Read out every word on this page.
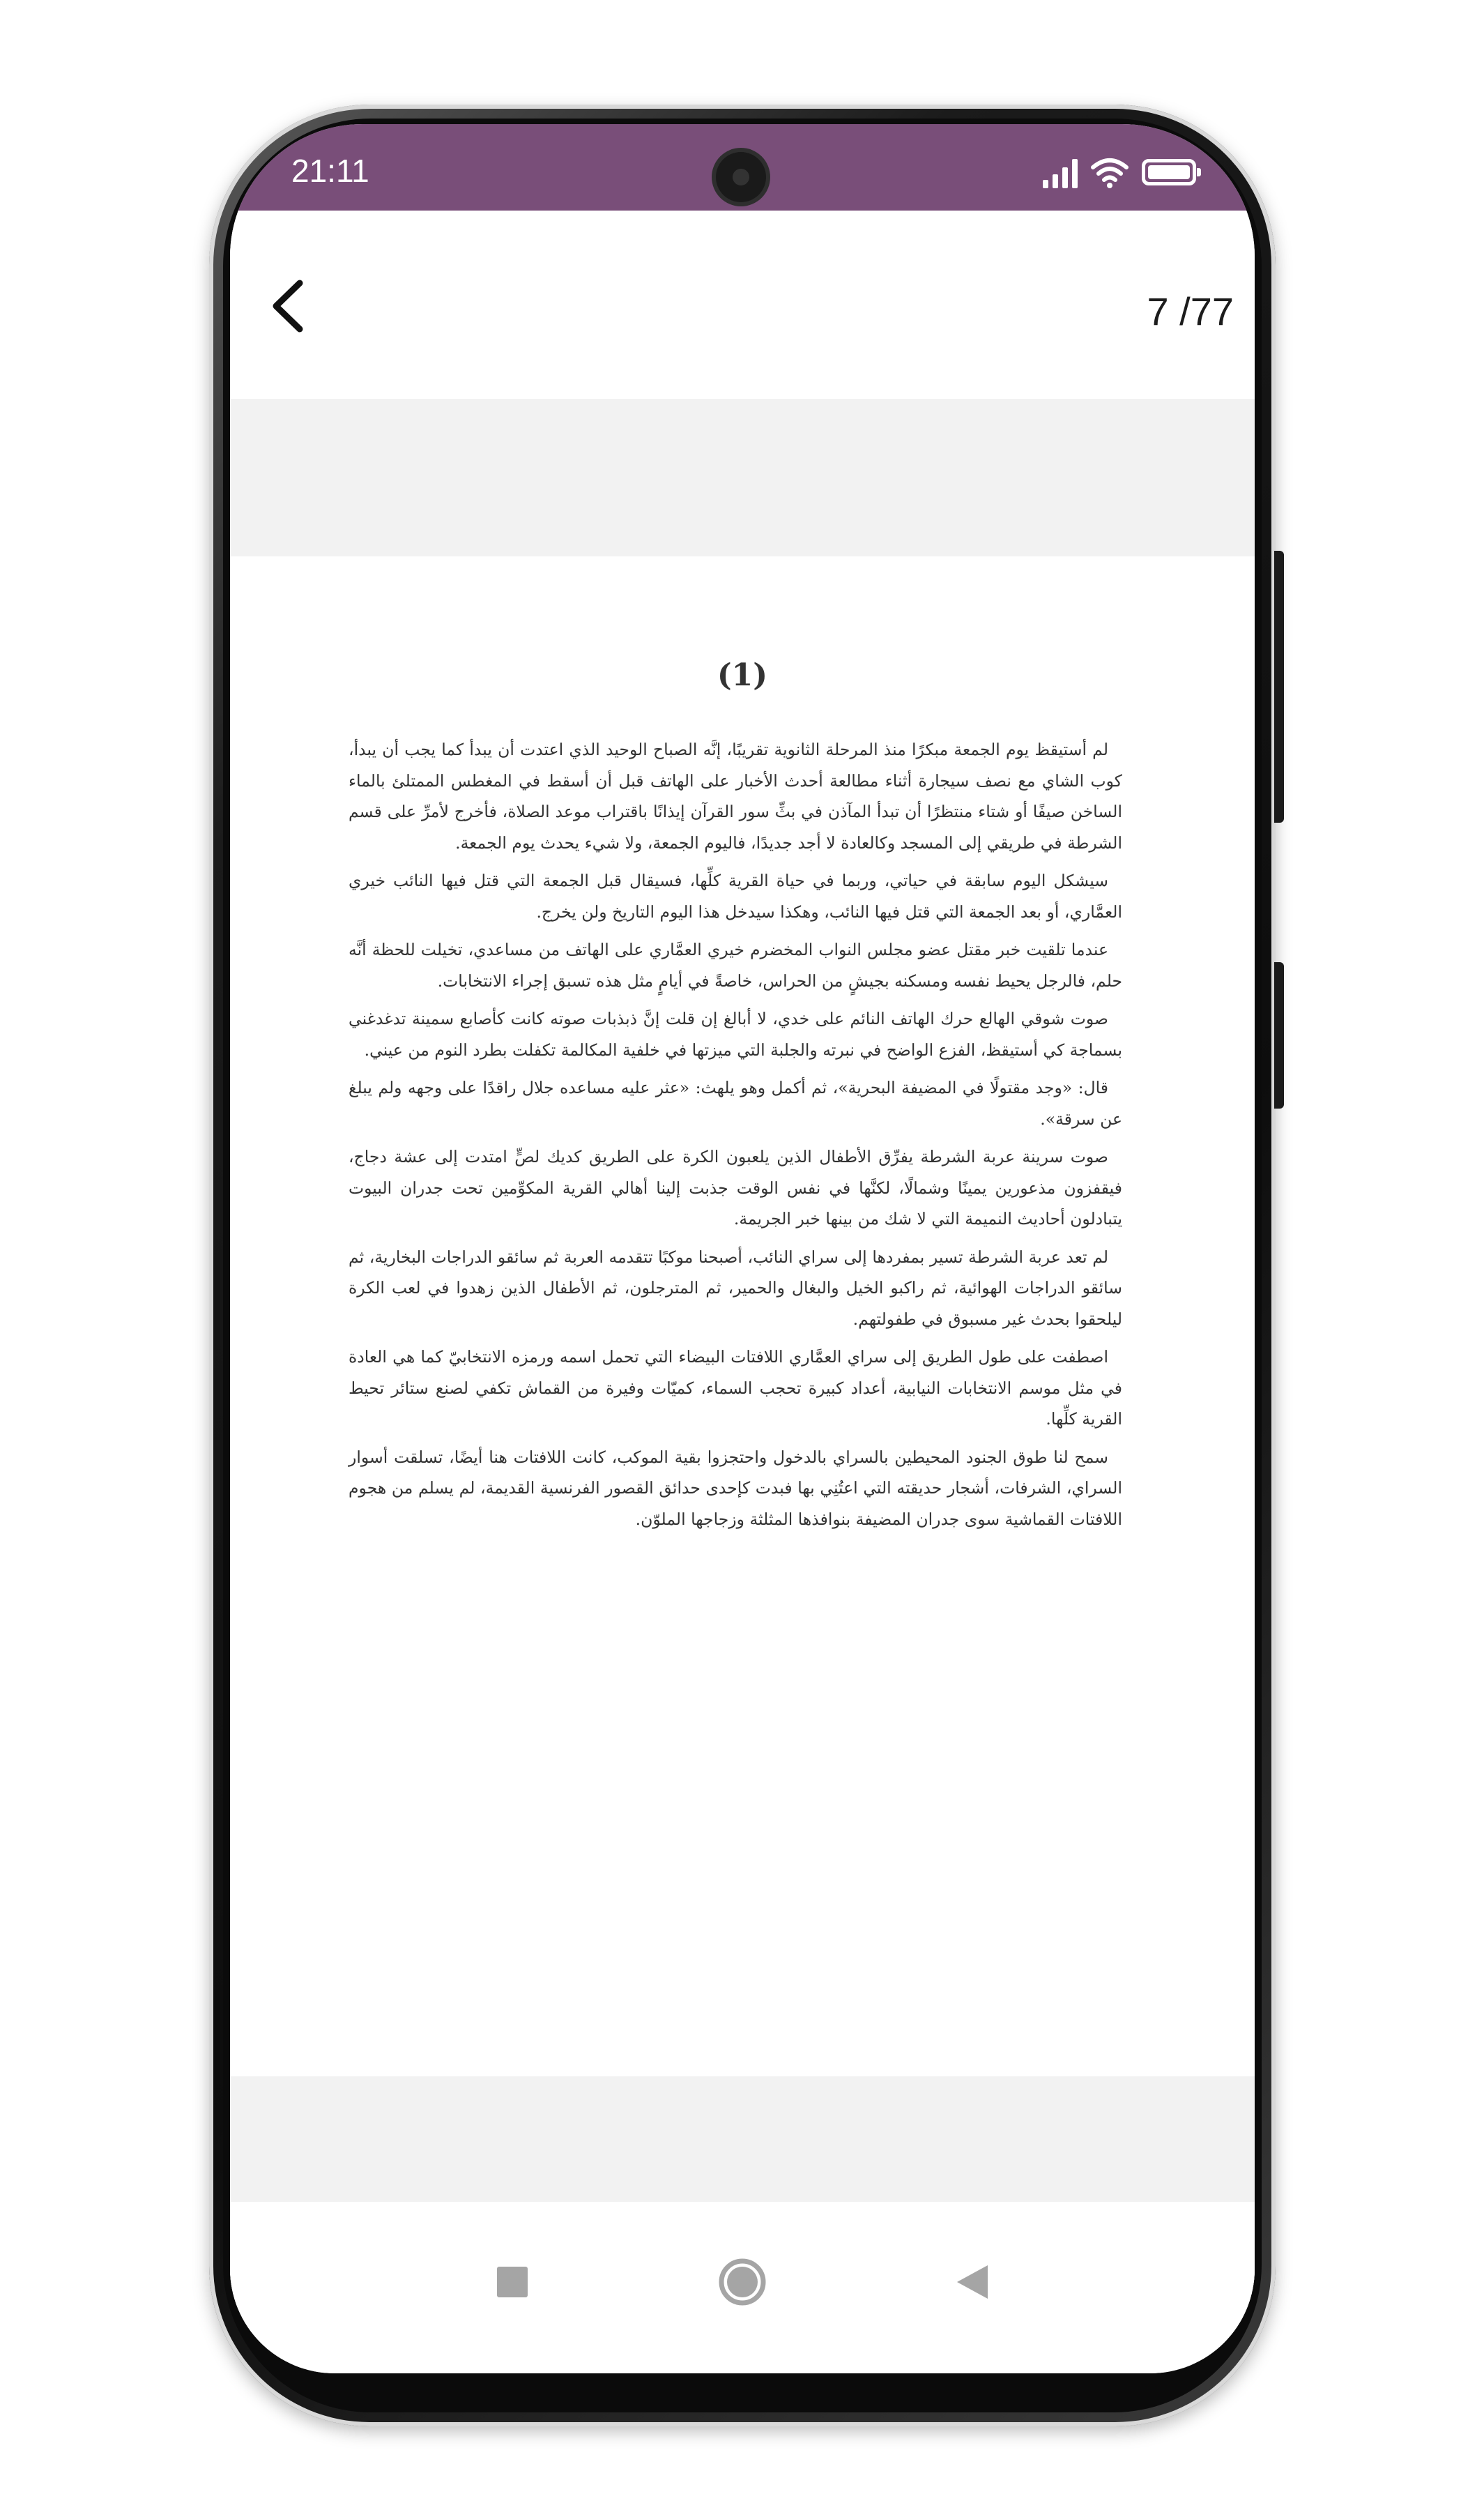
21:11
7 /77
(1)

لم أستيقظ يوم الجمعة مبكرًا منذ المرحلة الثانوية تقريبًا، إنَّه الصباح الوحيد الذي اعتدت أن يبدأ كما يجب أن يبدأ، كوب الشاي مع نصف سيجارة أثناء مطالعة أحدث الأخبار على الهاتف قبل أن أسقط في المغطس الممتلئ بالماء الساخن صيفًا أو شتاء منتظرًا أن تبدأ المآذن في بثِّ سور القرآن إيذانًا باقتراب موعد الصلاة، فأخرج لأمرِّ على قسم الشرطة في طريقي إلى المسجد وكالعادة لا أجد جديدًا، فاليوم الجمعة، ولا شيء يحدث يوم الجمعة.

سيشكل اليوم سابقة في حياتي، وربما في حياة القرية كلِّها، فسيقال قبل الجمعة التي قتل فيها النائب خيري العمَّاري، أو بعد الجمعة التي قتل فيها النائب، وهكذا سيدخل هذا اليوم التاريخ ولن يخرج.

عندما تلقيت خبر مقتل عضو مجلس النواب المخضرم خيري العمَّاري على الهاتف من مساعدي، تخيلت للحظة أنَّه حلم، فالرجل يحيط نفسه ومسكنه بجيشٍ من الحراس، خاصةً في أيامٍ مثل هذه تسبق إجراء الانتخابات.

صوت شوقي الهالع حرك الهاتف النائم على خدي، لا أبالغ إن قلت إنَّ ذبذبات صوته كانت كأصابع سمينة تدغدغني بسماجة كي أستيقظ، الفزع الواضح في نبرته والجلبة التي ميزتها في خلفية المكالمة تكفلت بطرد النوم من عيني.

قال: «وجد مقتولًا في المضيفة البحرية»، ثم أكمل وهو يلهث: «عثر عليه مساعده جلال راقدًا على وجهه ولم يبلغ عن سرقة».

صوت سرينة عربة الشرطة يفرِّق الأطفال الذين يلعبون الكرة على الطريق كديك لصٍّ امتدت إلى عشة دجاج، فيقفزون مذعورين يمينًا وشمالًا، لكنَّها في نفس الوقت جذبت إلينا أهالي القرية المكوِّمين تحت جدران البيوت يتبادلون أحاديث النميمة التي لا شك من بينها خبر الجريمة.

لم تعد عربة الشرطة تسير بمفردها إلى سراي النائب، أصبحنا موكبًا تتقدمه العربة ثم سائقو الدراجات البخارية، ثم سائقو الدراجات الهوائية، ثم راكبو الخيل والبغال والحمير، ثم المترجلون، ثم الأطفال الذين زهدوا في لعب الكرة ليلحقوا بحدث غير مسبوق في طفولتهم.

اصطفت على طول الطريق إلى سراي العمَّاري اللافتات البيضاء التي تحمل اسمه ورمزه الانتخابيّ كما هي العادة في مثل موسم الانتخابات النيابية، أعداد كبيرة تحجب السماء، كميّات وفيرة من القماش تكفي لصنع ستائر تحيط القرية كلِّها.

سمح لنا طوق الجنود المحيطين بالسراي بالدخول واحتجزوا بقية الموكب، كانت اللافتات هنا أيضًا، تسلقت أسوار السراي، الشرفات، أشجار حديقته التي اعتُنِي بها فبدت كإحدى حدائق القصور الفرنسية القديمة، لم يسلم من هجوم اللافتات القماشية سوى جدران المضيفة بنوافذها المثلثة وزجاجها الملوّن.
